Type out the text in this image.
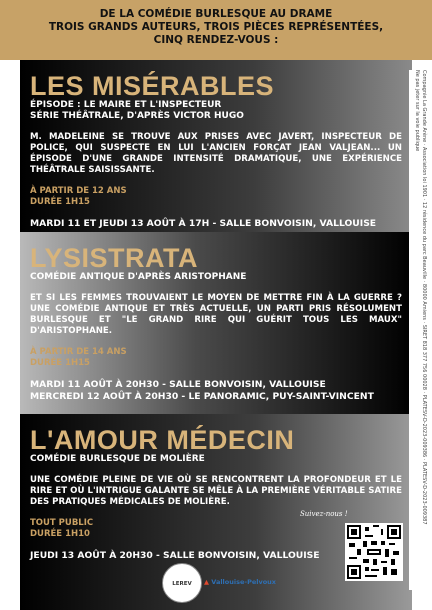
DE LA COMÉDIE BURLESQUE AU DRAME
TROIS GRANDS AUTEURS, TROIS PIÈCES REPRÉSENTÉES,
CINQ RENDEZ-VOUS :
LES MISÉRABLES
ÉPISODE : LE MAIRE ET L'INSPECTEUR
SÉRIE THÉÂTRALE, D'APRÈS VICTOR HUGO
M. MADELEINE SE TROUVE AUX PRISES AVEC JAVERT, INSPECTEUR DE POLICE, QUI SUSPECTE EN LUI L'ANCIEN FORÇAT JEAN VALJEAN... UN ÉPISODE D'UNE GRANDE INTENSITÉ DRAMATIQUE, UNE EXPÉRIENCE THÉÂTRALE SAISISSANTE.
À PARTIR DE 12 ANS
DURÉE 1H15
MARDI 11 ET JEUDI 13 AOÛT À 17H - SALLE BONVOISIN, VALLOUISE
LYSISTRATA
COMÉDIE ANTIQUE D'APRÈS ARISTOPHANE
ET SI LES FEMMES TROUVAIENT LE MOYEN DE METTRE FIN À LA GUERRE ? UNE COMÉDIE ANTIQUE ET TRÈS ACTUELLE, UN PARTI PRIS RÉSOLUMENT BURLESQUE ET "LE GRAND RIRE QUI GUÉRIT TOUS LES MAUX" D'ARISTOPHANE.
À PARTIR DE 14 ANS
DURÉE 1H15
MARDI 11 AOÛT À 20H30 - SALLE BONVOISIN, VALLOUISE
MERCREDI 12 AOÛT À 20H30 - LE PANORAMIC, PUY-SAINT-VINCENT
L'AMOUR MÉDECIN
COMÉDIE BURLESQUE DE MOLIÈRE
UNE COMÉDIE PLEINE DE VIE OÙ SE RENCONTRENT LA PROFONDEUR ET LE RIRE ET OÙ L'INTRIGUE GALANTE SE MÊLE À LA PREMIÈRE VÉRITABLE SATIRE DES PRATIQUES MÉDICALES DE MOLIÈRE.
TOUT PUBLIC
DURÉE 1H10
JEUDI 13 AOÛT À 20H30 - SALLE BONVOISIN, VALLOUISE
Compagnie La Grande Arène · Association loi 1901 · 12 résidence du parc Beauville · 80000 Amiens · SIRET 818 377 756 00028 · PLATESV-D-2023-009386 · PLATESV-D-2023-009387
Ne pas jeter sur la voie publique
Suivez-nous !
LEREV	▲ Vallouise-Pelvoux
